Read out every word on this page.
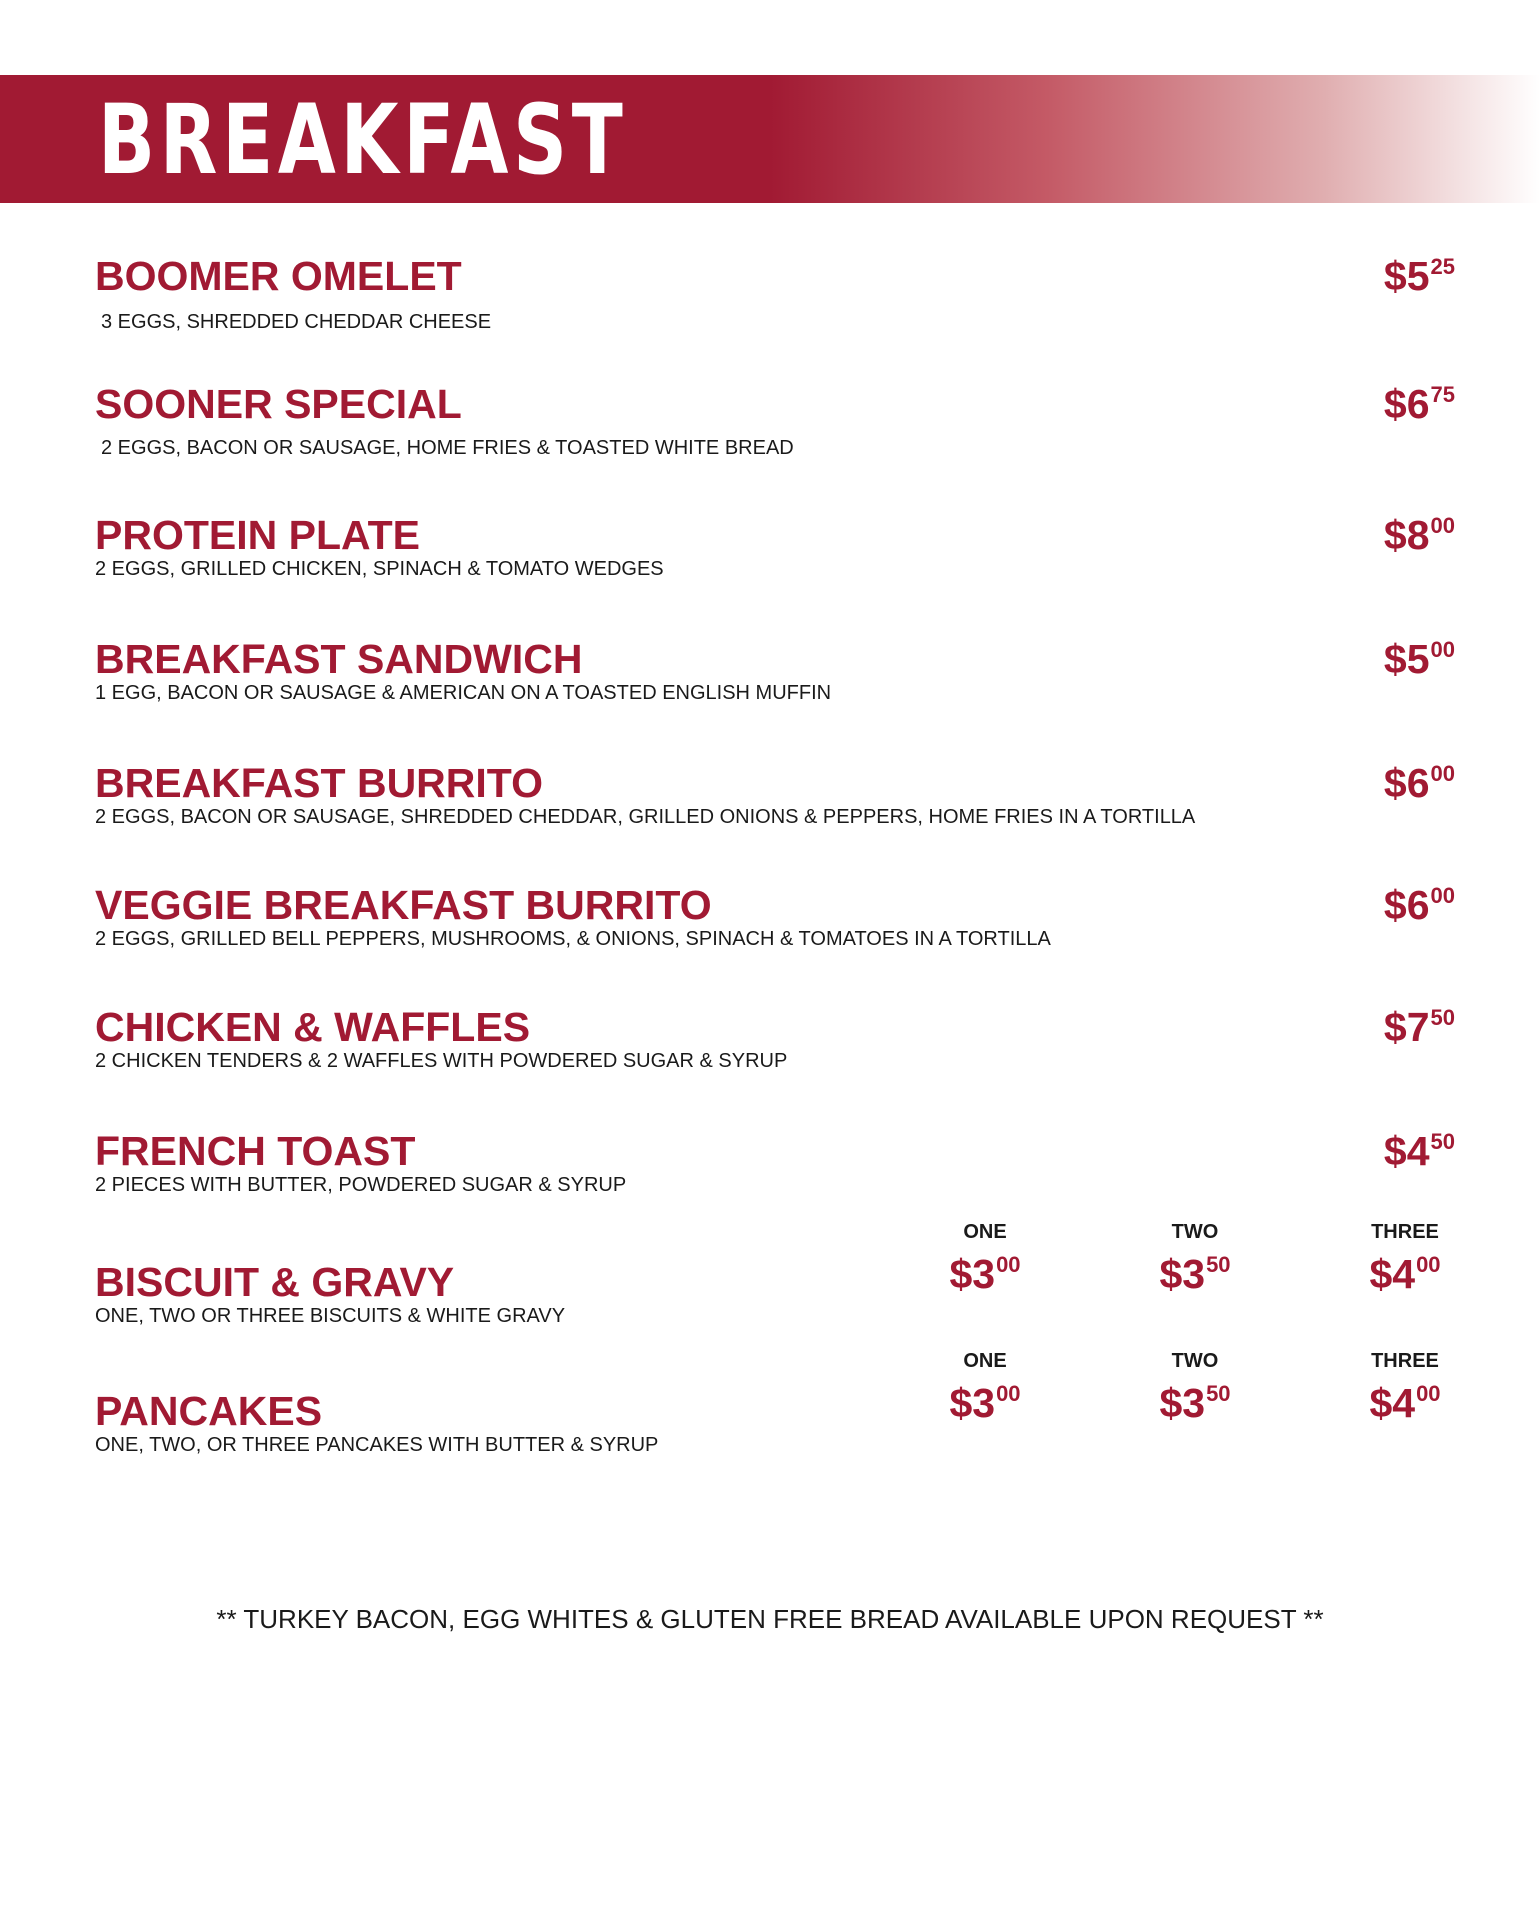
BREAKFAST
BOOMER OMELET
3 EGGS, SHREDDED CHEDDAR CHEESE
$525
SOONER SPECIAL
2 EGGS, BACON OR SAUSAGE, HOME FRIES & TOASTED WHITE BREAD
$675
PROTEIN PLATE
2 EGGS, GRILLED CHICKEN, SPINACH & TOMATO WEDGES
$800
BREAKFAST SANDWICH
1 EGG, BACON OR SAUSAGE & AMERICAN ON A TOASTED ENGLISH MUFFIN
$500
BREAKFAST BURRITO
2 EGGS, BACON OR SAUSAGE, SHREDDED CHEDDAR, GRILLED ONIONS & PEPPERS, HOME FRIES IN A TORTILLA
$600
VEGGIE BREAKFAST BURRITO
2 EGGS, GRILLED BELL PEPPERS, MUSHROOMS, & ONIONS, SPINACH & TOMATOES IN A TORTILLA
$600
CHICKEN & WAFFLES
2 CHICKEN TENDERS & 2 WAFFLES WITH POWDERED SUGAR & SYRUP
$750
FRENCH TOAST
2 PIECES WITH BUTTER, POWDERED SUGAR & SYRUP
$450
BISCUIT & GRAVY
ONE, TWO OR THREE BISCUITS & WHITE GRAVY
ONE
$300
TWO
$350
THREE
$400
PANCAKES
ONE, TWO, OR THREE PANCAKES WITH BUTTER & SYRUP
ONE
$300
TWO
$350
THREE
$400
** TURKEY BACON, EGG WHITES & GLUTEN FREE BREAD AVAILABLE UPON REQUEST **
